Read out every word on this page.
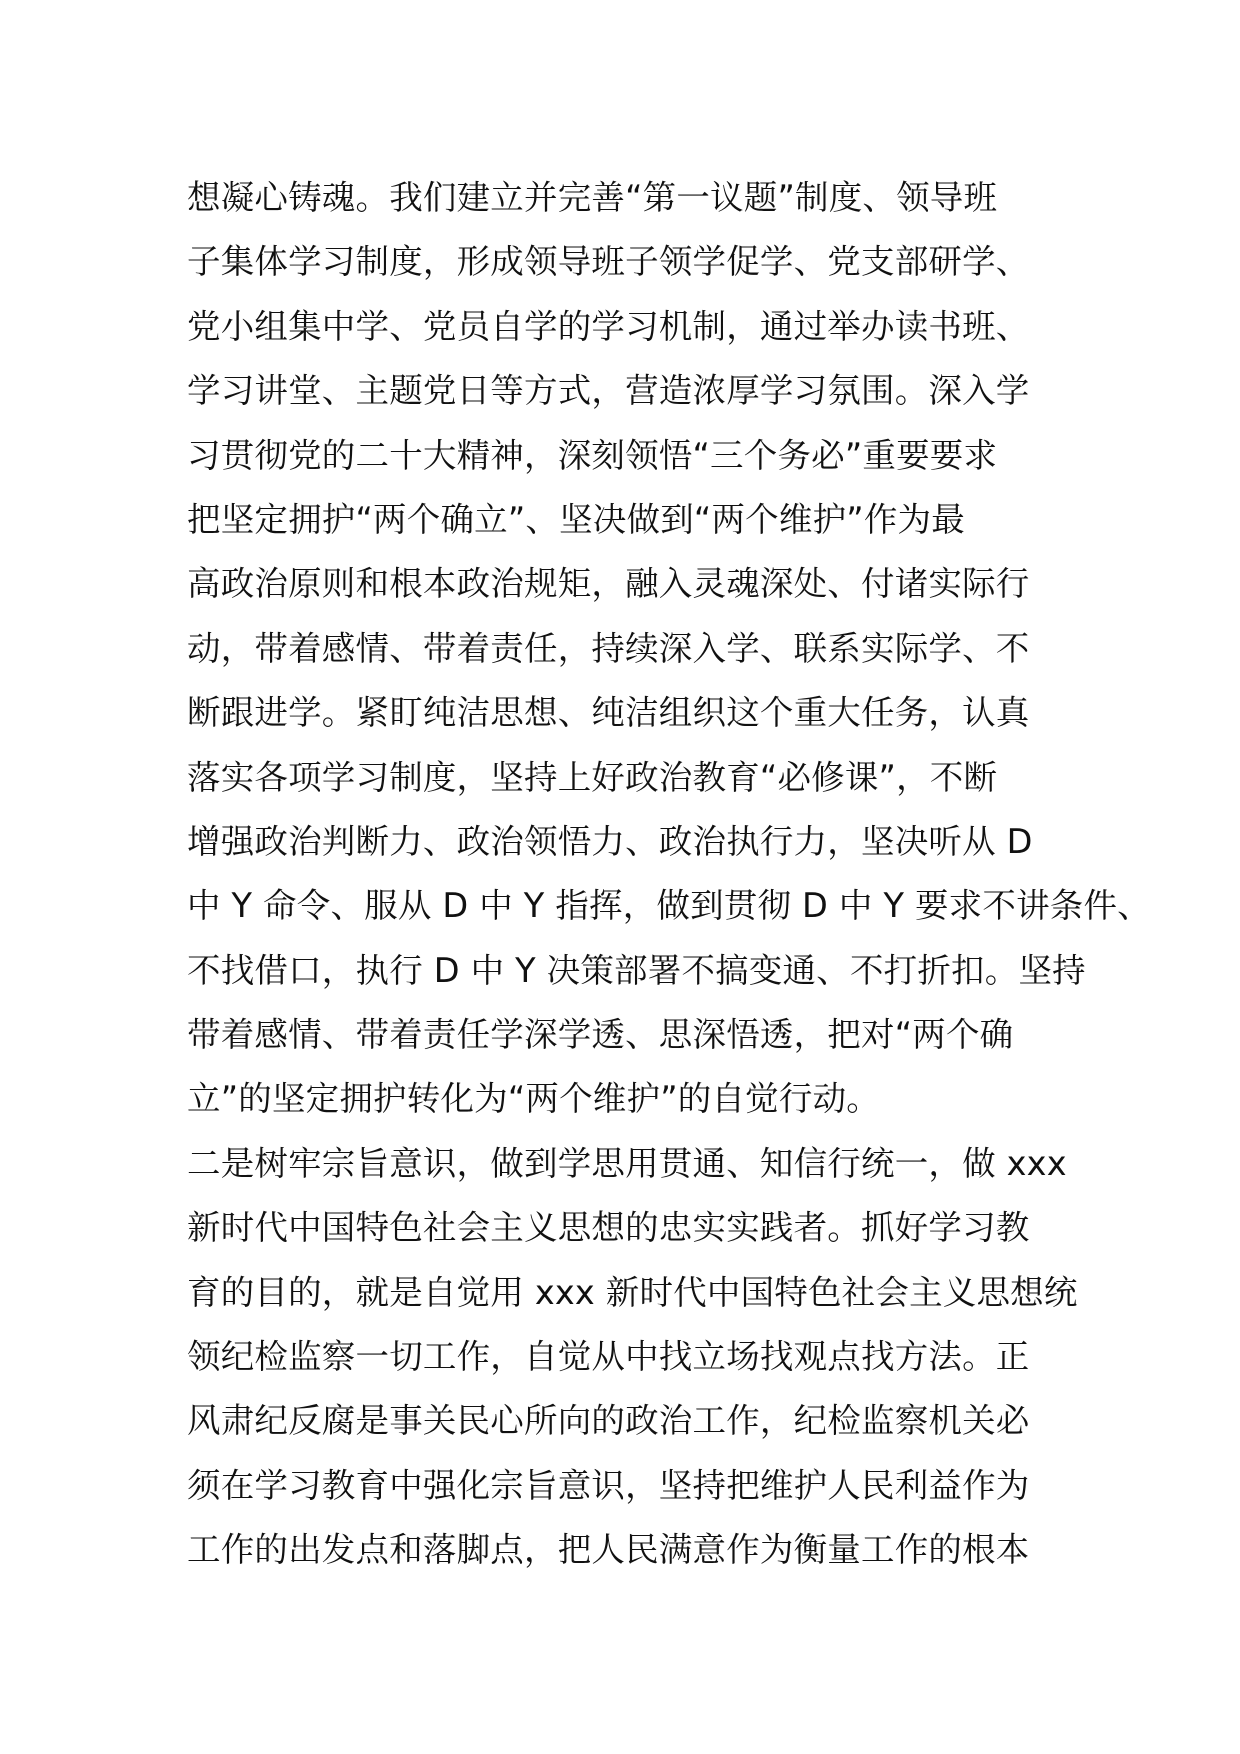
想凝心铸魂。我们建立并完善“第一议题”制度、领导班
子集体学习制度，形成领导班子领学促学、党支部研学、
党小组集中学、党员自学的学习机制，通过举办读书班、
学习讲堂、主题党日等方式，营造浓厚学习氛围。深入学
习贯彻党的二十大精神，深刻领悟“三个务必”重要要求
把坚定拥护“两个确立”、坚决做到“两个维护”作为最
高政治原则和根本政治规矩，融入灵魂深处、付诸实际行
动，带着感情、带着责任，持续深入学、联系实际学、不
断跟进学。紧盯纯洁思想、纯洁组织这个重大任务，认真
落实各项学习制度，坚持上好政治教育“必修课”，不断
增强政治判断力、政治领悟力、政治执行力，坚决听从 D
中 Y 命令、服从 D 中 Y 指挥，做到贯彻 D 中 Y 要求不讲条件、
不找借口，执行 D 中 Y 决策部署不搞变通、不打折扣。坚持
带着感情、带着责任学深学透、思深悟透，把对“两个确
立”的坚定拥护转化为“两个维护”的自觉行动。
二是树牢宗旨意识，做到学思用贯通、知信行统一，做 xxx
新时代中国特色社会主义思想的忠实实践者。抓好学习教
育的目的，就是自觉用 xxx 新时代中国特色社会主义思想统
领纪检监察一切工作，自觉从中找立场找观点找方法。正
风肃纪反腐是事关民心所向的政治工作，纪检监察机关必
须在学习教育中强化宗旨意识，坚持把维护人民利益作为
工作的出发点和落脚点，把人民满意作为衡量工作的根本
